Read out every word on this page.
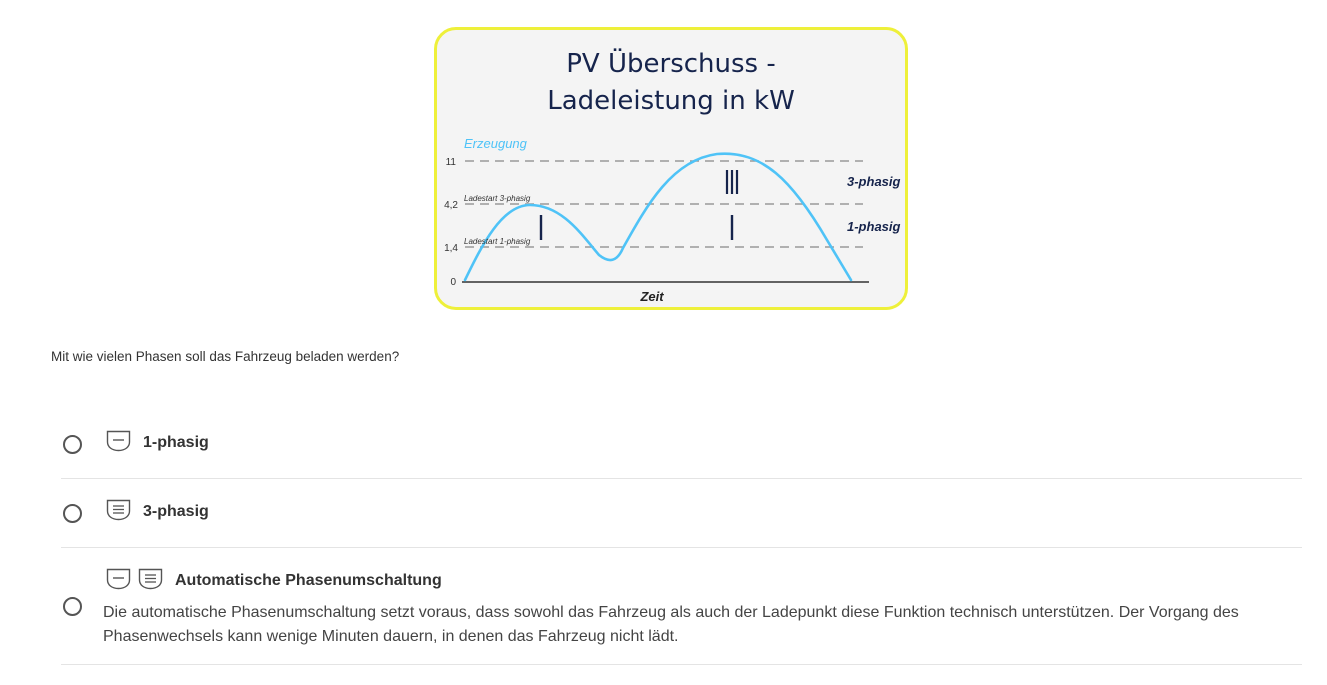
PV Überschuss -
Ladeleistung in kW
11
4,2
1,4
0
Erzeugung
Ladestart 3-phasig
Ladestart 1-phasig
3-phasig
1-phasig
Zeit
Mit wie vielen Phasen soll das Fahrzeug beladen werden?
1-phasig
3-phasig
Automatische Phasenumschaltung
Die automatische Phasenumschaltung setzt voraus, dass sowohl das Fahrzeug als auch der Ladepunkt diese Funktion technisch unterstützen. Der Vorgang des Phasenwechsels kann wenige Minuten dauern, in denen das Fahrzeug nicht lädt.
